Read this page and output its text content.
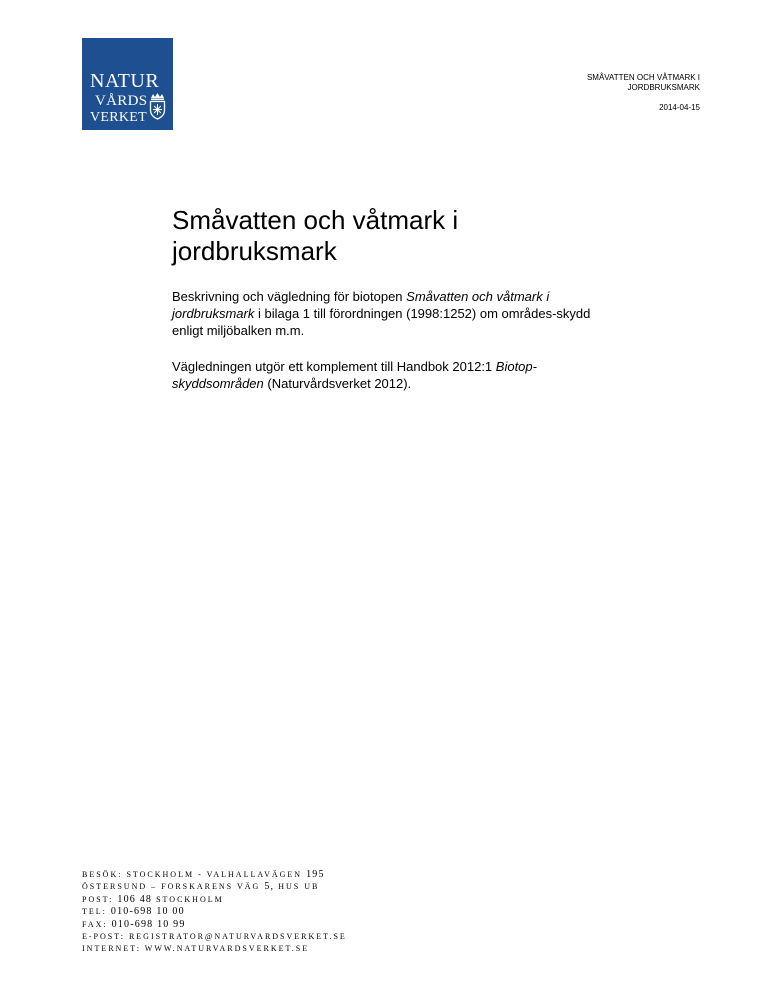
NATUR
VÅRDS
VERKET
SMÅVATTEN OCH VÅTMARK I
JORDBRUKSMARK
2014-04-15
Småvatten och våtmark i
jordbruksmark

Beskrivning och vägledning för biotopen Småvatten och våtmark i jordbruksmark i bilaga 1 till förordningen (1998:1252) om områdes-skydd enligt miljöbalken m.m.

Vägledningen utgör ett komplement till Handbok 2012:1 Biotop-skyddsområden (Naturvårdsverket 2012).

BESÖK: STOCKHOLM - VALHALLAVÄGEN 195
ÖSTERSUND – FORSKARENS VÄG 5, HUS UB
POST: 106 48 STOCKHOLM
TEL: 010-698 10 00
FAX: 010-698 10 99
E-POST: REGISTRATOR@NATURVARDSVERKET.SE
INTERNET: WWW.NATURVARDSVERKET.SE
